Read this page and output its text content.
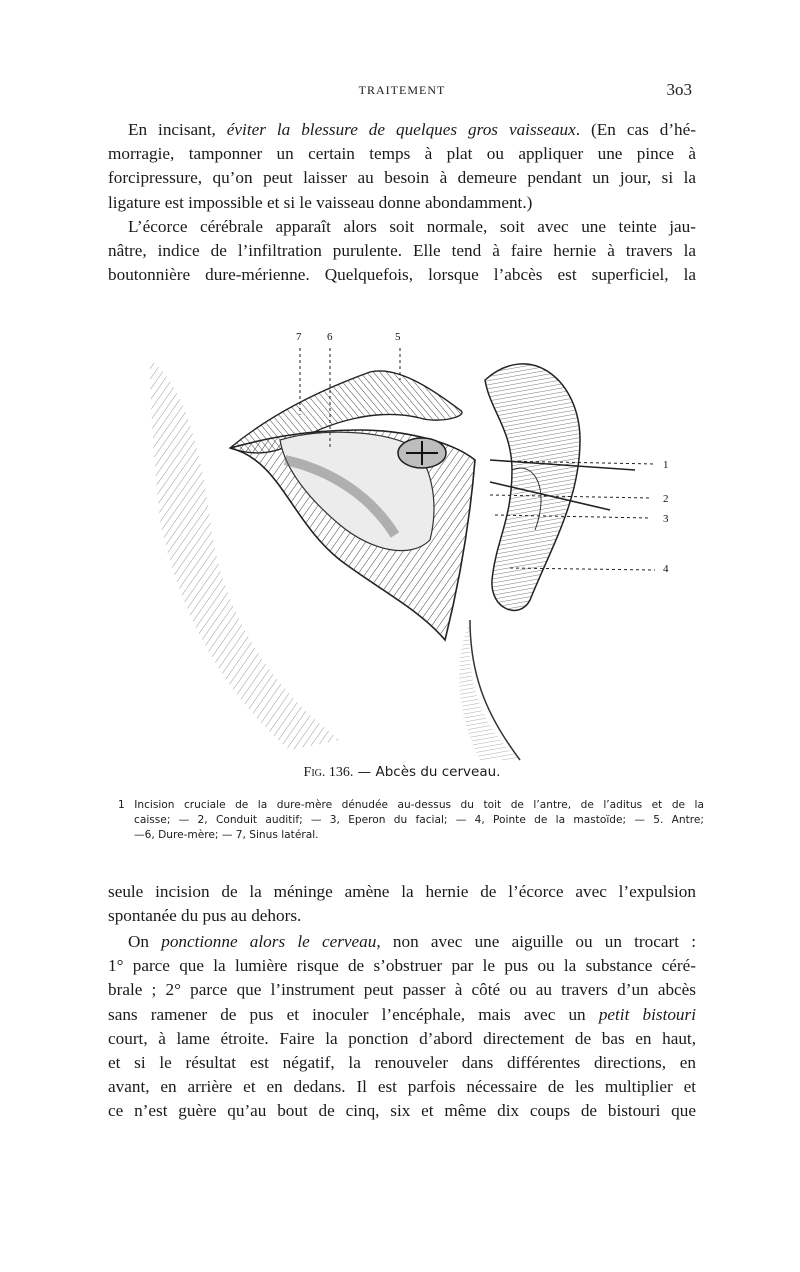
TRAITEMENT	3o3

En incisant, éviter la blessure de quelques gros vaisseaux. (En cas d’hé-
morragie, tamponner un certain temps à plat ou appliquer une pince à
forcipressure, qu’on peut laisser au besoin à demeure pendant un jour, si la
ligature est impossible et si le vaisseau donne abondamment.)

L’écorce cérébrale apparaît alors soit normale, soit avec une teinte jau-
nâtre, indice de l’infiltration purulente. Elle tend à faire hernie à travers la
boutonnière dure-mérienne. Quelquefois, lorsque l’abcès est superficiel, la

7 6	5
1
2
3
4
Fig. 136. — Abcès du cerveau.
1 Incision cruciale de la dure-mère dénudée au-dessus du toit de l’antre, de l’aditus et de la
caisse; — 2, Conduit auditif; — 3, Eperon du facial; — 4, Pointe de la mastoïde; — 5. Antre;
—6, Dure-mère; — 7, Sinus latéral.

seule incision de la méninge amène la hernie de l’écorce avec l’expulsion
spontanée du pus au dehors.

On ponctionne alors le cerveau, non avec une aiguille ou un trocart :
1° parce que la lumière risque de s’obstruer par le pus ou la substance céré-
brale ; 2° parce que l’instrument peut passer à côté ou au travers d’un abcès
sans ramener de pus et inoculer l’encéphale, mais avec un petit bistouri
court, à lame étroite. Faire la ponction d’abord directement de bas en haut,
et si le résultat est négatif, la renouveler dans différentes directions, en
avant, en arrière et en dedans. Il est parfois nécessaire de les multiplier et
ce n’est guère qu’au bout de cinq, six et même dix coups de bistouri que
